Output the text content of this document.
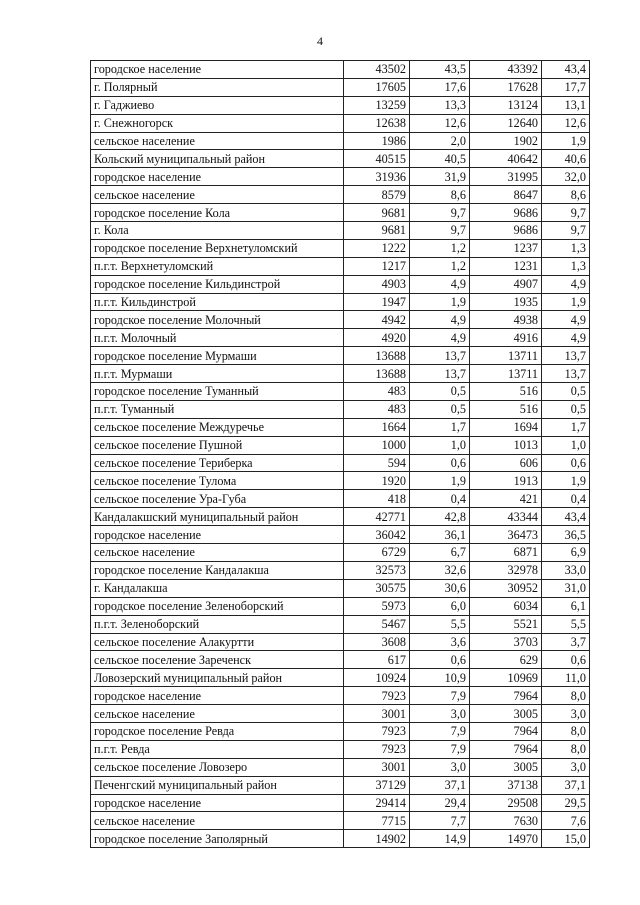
4
городское население	43502	43,5	43392	43,4
г. Полярный	17605	17,6	17628	17,7
г. Гаджиево	13259	13,3	13124	13,1
г. Снежногорск	12638	12,6	12640	12,6
сельское население	1986	2,0	1902	1,9
Кольский муниципальный район	40515	40,5	40642	40,6
городское население	31936	31,9	31995	32,0
сельское население	8579	8,6	8647	8,6
городское поселение Кола	9681	9,7	9686	9,7
г. Кола	9681	9,7	9686	9,7
городское поселение Верхнетуломский	1222	1,2	1237	1,3
п.г.т. Верхнетуломский	1217	1,2	1231	1,3
городское поселение Кильдинстрой	4903	4,9	4907	4,9
п.г.т. Кильдинстрой	1947	1,9	1935	1,9
городское поселение Молочный	4942	4,9	4938	4,9
п.г.т. Молочный	4920	4,9	4916	4,9
городское поселение Мурмаши	13688	13,7	13711	13,7
п.г.т. Мурмаши	13688	13,7	13711	13,7
городское поселение Туманный	483	0,5	516	0,5
п.г.т. Туманный	483	0,5	516	0,5
сельское поселение Междуречье	1664	1,7	1694	1,7
сельское поселение Пушной	1000	1,0	1013	1,0
сельское поселение Териберка	594	0,6	606	0,6
сельское поселение Тулома	1920	1,9	1913	1,9
сельское поселение Ура-Губа	418	0,4	421	0,4
Кандалакшский муниципальный район	42771	42,8	43344	43,4
городское население	36042	36,1	36473	36,5
сельское население	6729	6,7	6871	6,9
городское поселение Кандалакша	32573	32,6	32978	33,0
г. Кандалакша	30575	30,6	30952	31,0
городское поселение Зеленоборский	5973	6,0	6034	6,1
п.г.т. Зеленоборский	5467	5,5	5521	5,5
сельское поселение Алакуртти	3608	3,6	3703	3,7
сельское поселение Зареченск	617	0,6	629	0,6
Ловозерский муниципальный район	10924	10,9	10969	11,0
городское население	7923	7,9	7964	8,0
сельское население	3001	3,0	3005	3,0
городское поселение Ревда	7923	7,9	7964	8,0
п.г.т. Ревда	7923	7,9	7964	8,0
сельское поселение Ловозеро	3001	3,0	3005	3,0
Печенгский муниципальный район	37129	37,1	37138	37,1
городское население	29414	29,4	29508	29,5
сельское население	7715	7,7	7630	7,6
городское поселение Заполярный	14902	14,9	14970	15,0
